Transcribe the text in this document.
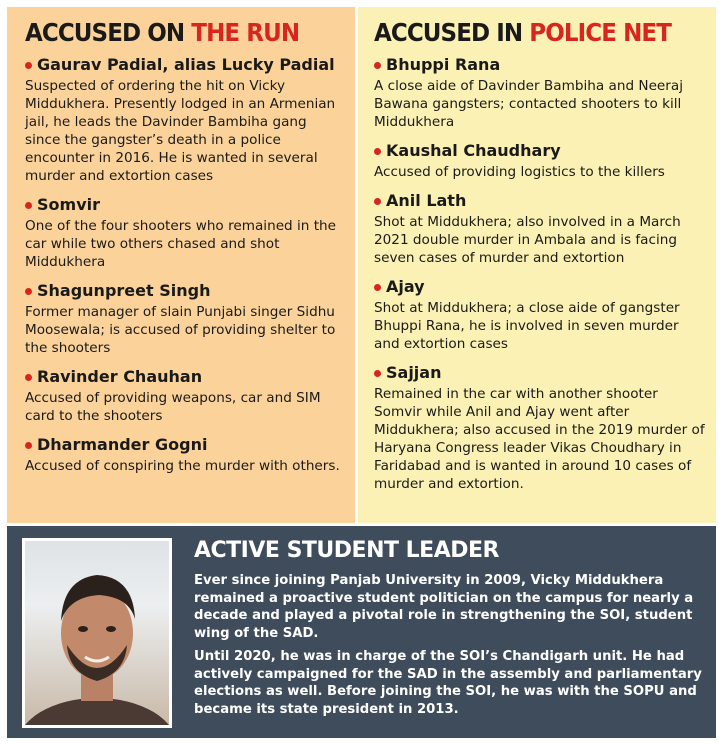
ACCUSED ON THE RUN
Gaurav Padial, alias Lucky Padial
Suspected of ordering the hit on Vicky Middukhera. Presently lodged in an Armenian jail, he leads the Davinder Bambiha gang since the gangster’s death in a police encounter in 2016. He is wanted in several murder and extortion cases
Somvir
One of the four shooters who remained in the car while two others chased and shot Middukhera
Shagunpreet Singh
Former manager of slain Punjabi singer Sidhu Moosewala; is accused of providing shelter to the shooters
Ravinder Chauhan
Accused of providing weapons, car and SIM card to the shooters
Dharmander Gogni
Accused of conspiring the murder with others.
ACCUSED IN POLICE NET
Bhuppi Rana
A close aide of Davinder Bambiha and Neeraj Bawana gangsters; contacted shooters to kill Middukhera
Kaushal Chaudhary
Accused of providing logistics to the killers
Anil Lath
Shot at Middukhera; also involved in a March 2021 double murder in Ambala and is facing seven cases of murder and extortion
Ajay
Shot at Middukhera; a close aide of gangster Bhuppi Rana, he is involved in seven murder and extortion cases
Sajjan
Remained in the car with another shooter Somvir while Anil and Ajay went after Middukhera; also accused in the 2019 murder of Haryana Congress leader Vikas Choudhary in Faridabad and is wanted in around 10 cases of murder and extortion.
ACTIVE STUDENT LEADER
Ever since joining Panjab University in 2009, Vicky Middukhera remained a proactive student politician on the campus for nearly a decade and played a pivotal role in strengthening the SOI, student wing of the SAD.
Until 2020, he was in charge of the SOI’s Chandigarh unit. He had actively campaigned for the SAD in the assembly and parliamentary elections as well. Before joining the SOI, he was with the SOPU and became its state president in 2013.
